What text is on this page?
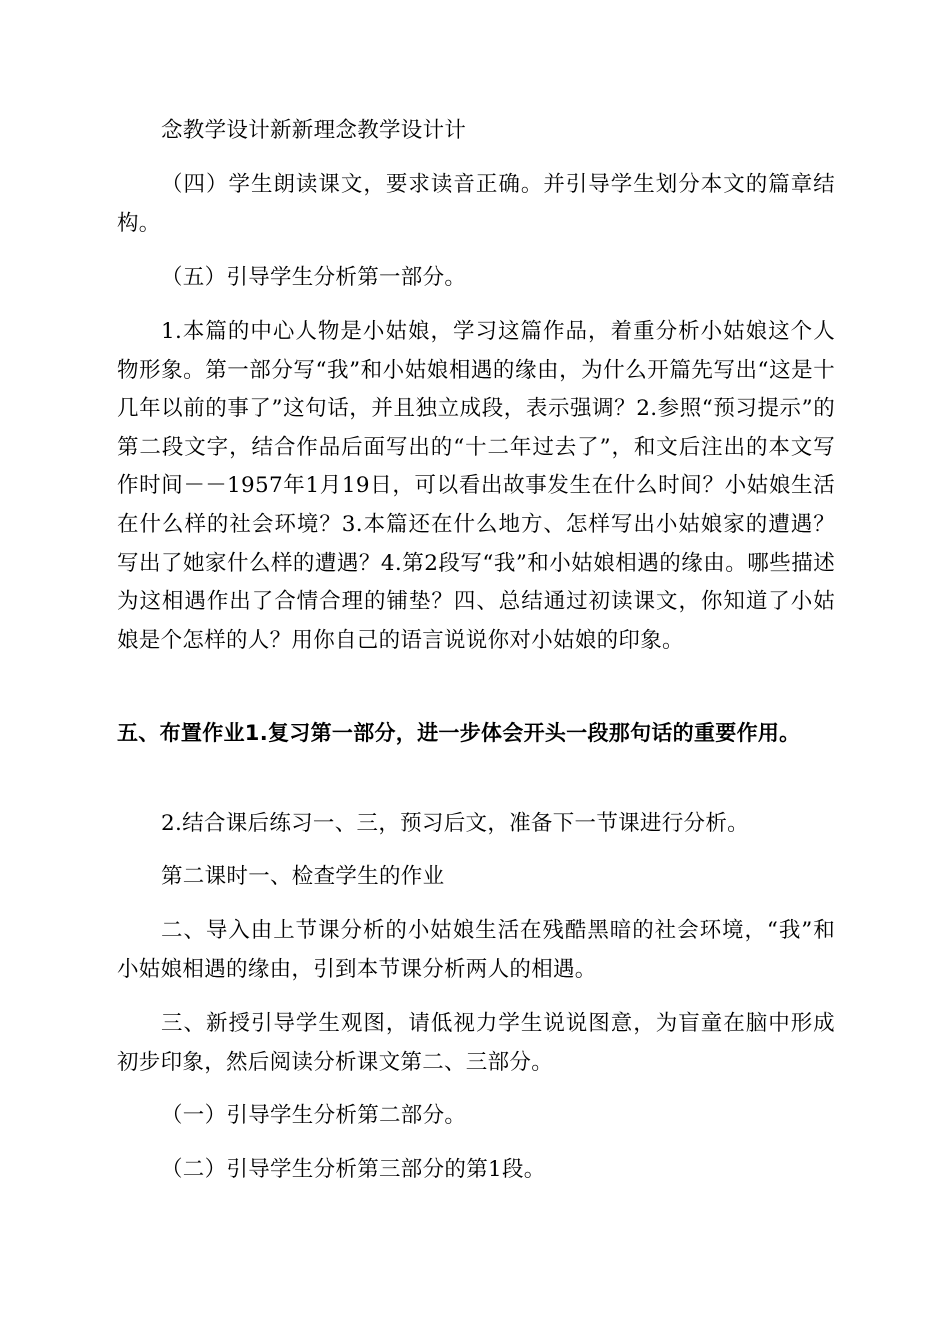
念教学设计新新理念教学设计计

（四）学生朗读课文，要求读音正确。并引导学生划分本文的篇章结构。

（五）引导学生分析第一部分。

1.本篇的中心人物是小姑娘，学习这篇作品，着重分析小姑娘这个人物形象。第一部分写“我”和小姑娘相遇的缘由，为什么开篇先写出“这是十几年以前的事了”这句话，并且独立成段，表示强调？2.参照“预习提示”的第二段文字，结合作品后面写出的“十二年过去了”，和文后注出的本文写作时间－－1957年1月19日，可以看出故事发生在什么时间？小姑娘生活在什么样的社会环境？3.本篇还在什么地方、怎样写出小姑娘家的遭遇？写出了她家什么样的遭遇？4.第2段写“我”和小姑娘相遇的缘由。哪些描述为这相遇作出了合情合理的铺垫？四、总结通过初读课文，你知道了小姑娘是个怎样的人？用你自己的语言说说你对小姑娘的印象。

五、布置作业1.复习第一部分，进一步体会开头一段那句话的重要作用。

2.结合课后练习一、三，预习后文，准备下一节课进行分析。

第二课时一、检查学生的作业

二、导入由上节课分析的小姑娘生活在残酷黑暗的社会环境，“我”和小姑娘相遇的缘由，引到本节课分析两人的相遇。

三、新授引导学生观图，请低视力学生说说图意，为盲童在脑中形成初步印象，然后阅读分析课文第二、三部分。

（一）引导学生分析第二部分。

（二）引导学生分析第三部分的第1段。
